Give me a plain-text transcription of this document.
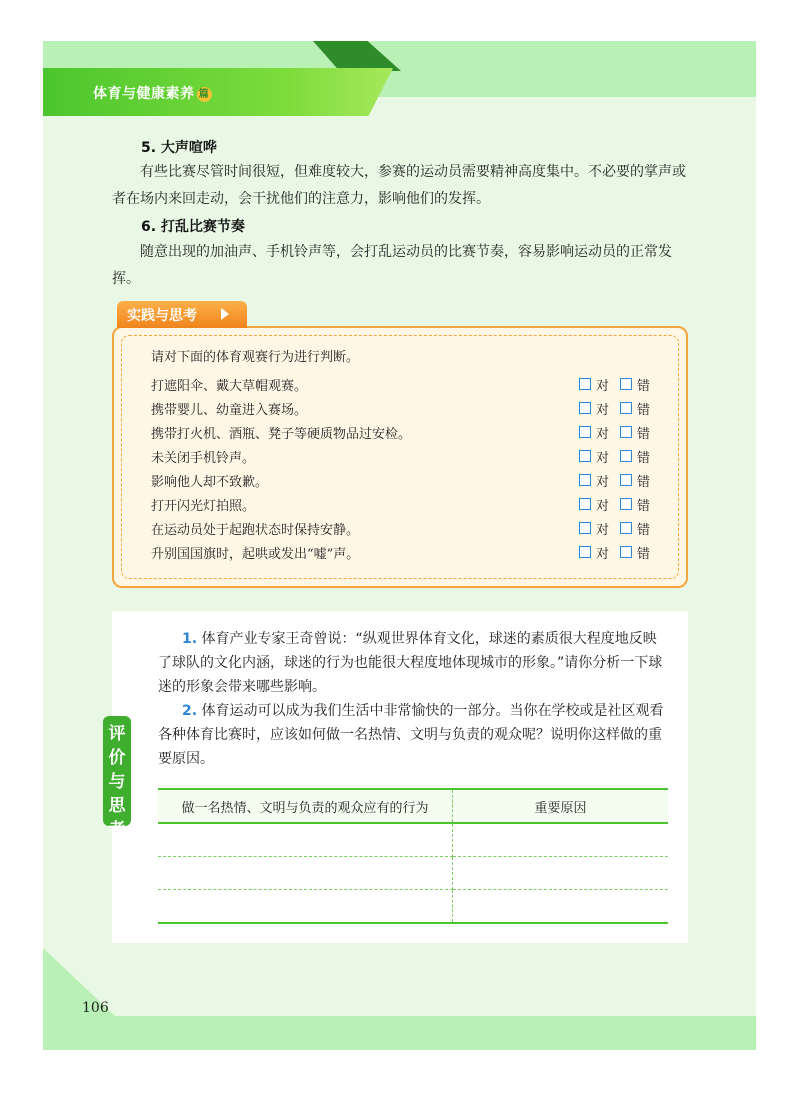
体育与健康素养 篇
5. 大声喧哗

有些比赛尽管时间很短，但难度较大，参赛的运动员需要精神高度集中。不必要的掌声或者在场内来回走动，会干扰他们的注意力，影响他们的发挥。

6. 打乱比赛节奏

随意出现的加油声、手机铃声等，会打乱运动员的比赛节奏，容易影响运动员的正常发挥。

实践与思考
请对下面的体育观赛行为进行判断。
打遮阳伞、戴大草帽观赛。	对 错
携带婴儿、幼童进入赛场。	对 错
携带打火机、酒瓶、凳子等硬质物品过安检。	对 错
未关闭手机铃声。	对 错
影响他人却不致歉。	对 错
打开闪光灯拍照。	对 错
在运动员处于起跑状态时保持安静。	对 错
升别国国旗时，起哄或发出“嘘”声。	对 错
评价与思考

1. 体育产业专家王奇曾说：“纵观世界体育文化，球迷的素质很大程度地反映了球队的文化内涵，球迷的行为也能很大程度地体现城市的形象。”请你分析一下球迷的形象会带来哪些影响。

2. 体育运动可以成为我们生活中非常愉快的一部分。当你在学校或是社区观看各种体育比赛时，应该如何做一名热情、文明与负责的观众呢？说明你这样做的重要原因。

做一名热情、文明与负责的观众应有的行为	重要原因

106
